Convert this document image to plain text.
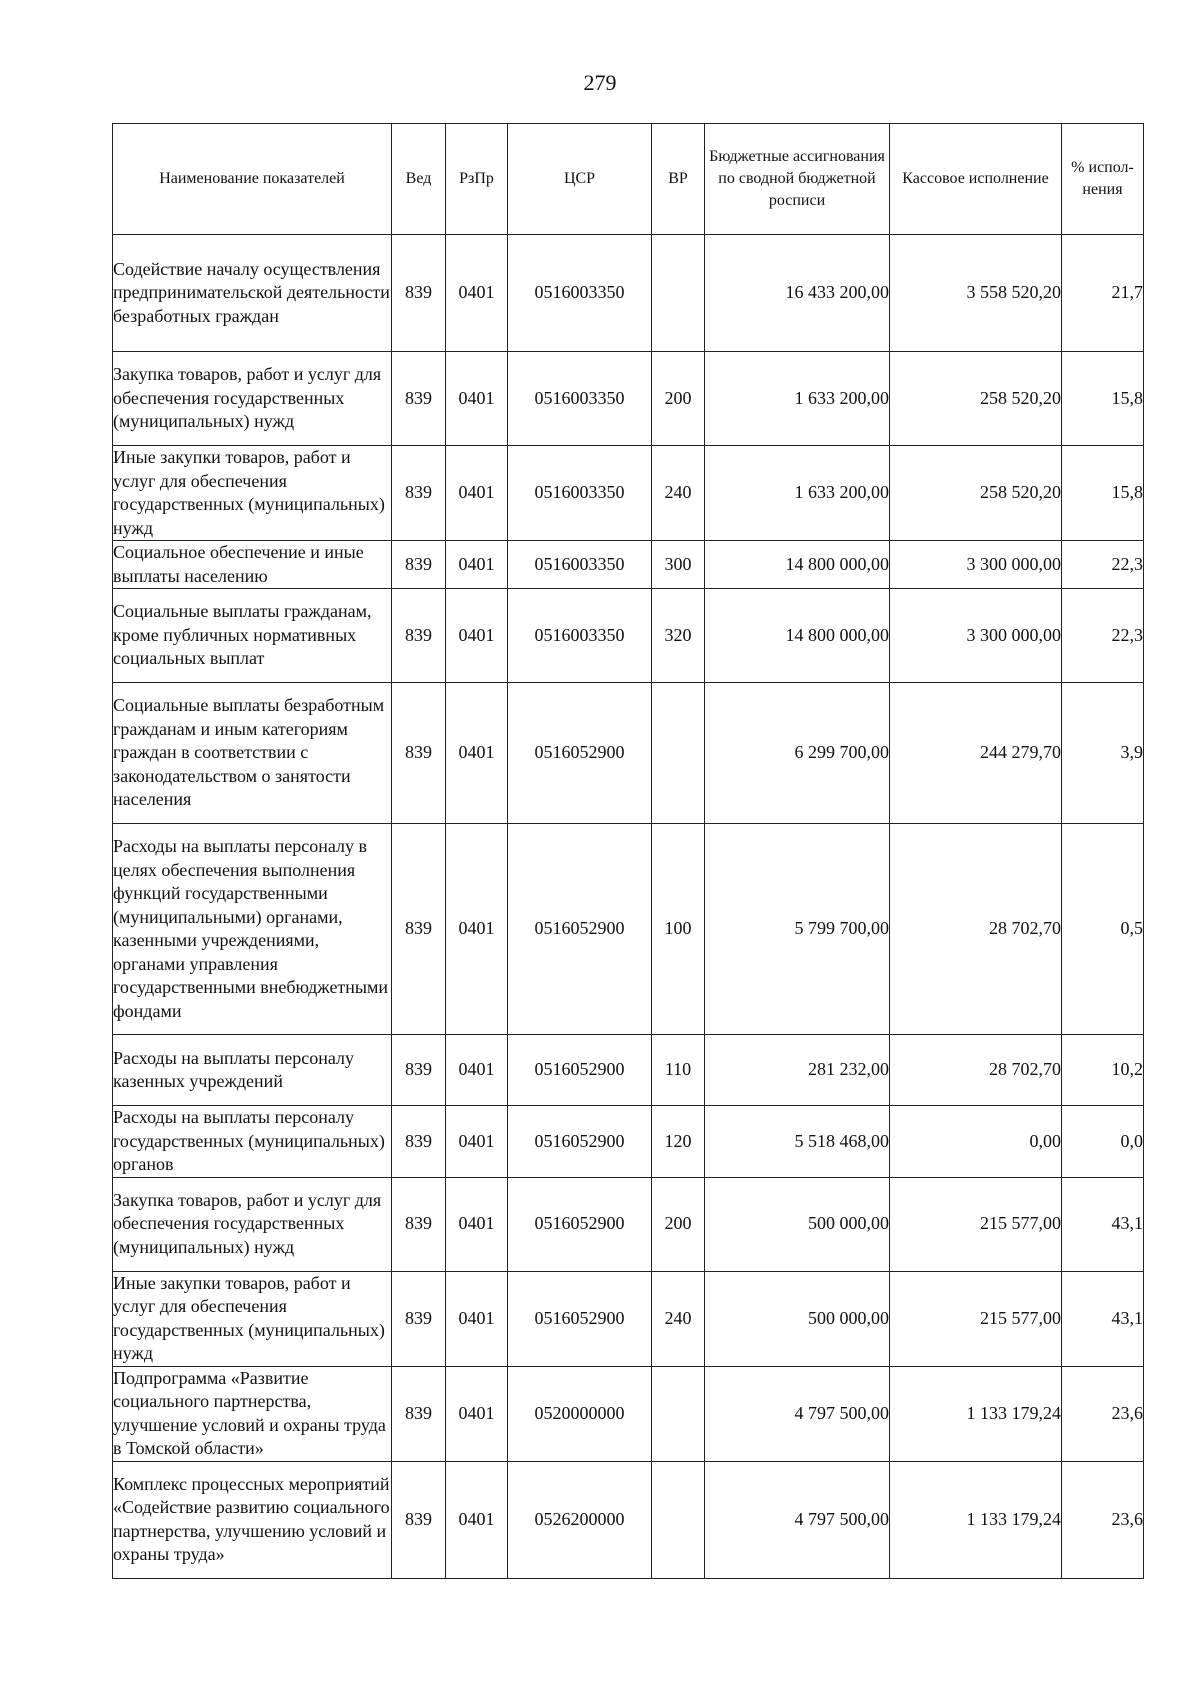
279
Наименование показателей	Вед	РзПр	ЦСР	ВР	Бюджетные ассигнования по сводной бюджетной росписи	Кассовое исполнение	% испол-нения
Содействие началу осуществления предпринимательской деятельности безработных граждан	839	0401	0516003350		16 433 200,00	3 558 520,20	21,7
Закупка товаров, работ и услуг для обеспечения государственных (муниципальных) нужд	839	0401	0516003350	200	1 633 200,00	258 520,20	15,8
Иные закупки товаров, работ и услуг для обеспечения государственных (муниципальных) нужд	839	0401	0516003350	240	1 633 200,00	258 520,20	15,8
Социальное обеспечение и иные выплаты населению	839	0401	0516003350	300	14 800 000,00	3 300 000,00	22,3
Социальные выплаты гражданам, кроме публичных нормативных социальных выплат	839	0401	0516003350	320	14 800 000,00	3 300 000,00	22,3
Социальные выплаты безработным гражданам и иным категориям граждан в соответствии с законодательством о занятости населения	839	0401	0516052900		6 299 700,00	244 279,70	3,9
Расходы на выплаты персоналу в целях обеспечения выполнения функций государственными (муниципальными) органами, казенными учреждениями, органами управления государственными внебюджетными фондами	839	0401	0516052900	100	5 799 700,00	28 702,70	0,5
Расходы на выплаты персоналу казенных учреждений	839	0401	0516052900	110	281 232,00	28 702,70	10,2
Расходы на выплаты персоналу государственных (муниципальных) органов	839	0401	0516052900	120	5 518 468,00	0,00	0,0
Закупка товаров, работ и услуг для обеспечения государственных (муниципальных) нужд	839	0401	0516052900	200	500 000,00	215 577,00	43,1
Иные закупки товаров, работ и услуг для обеспечения государственных (муниципальных) нужд	839	0401	0516052900	240	500 000,00	215 577,00	43,1
Подпрограмма «Развитие социального партнерства, улучшение условий и охраны труда в Томской области»	839	0401	0520000000		4 797 500,00	1 133 179,24	23,6
Комплекс процессных мероприятий «Содействие развитию социального партнерства, улучшению условий и охраны труда»	839	0401	0526200000		4 797 500,00	1 133 179,24	23,6
